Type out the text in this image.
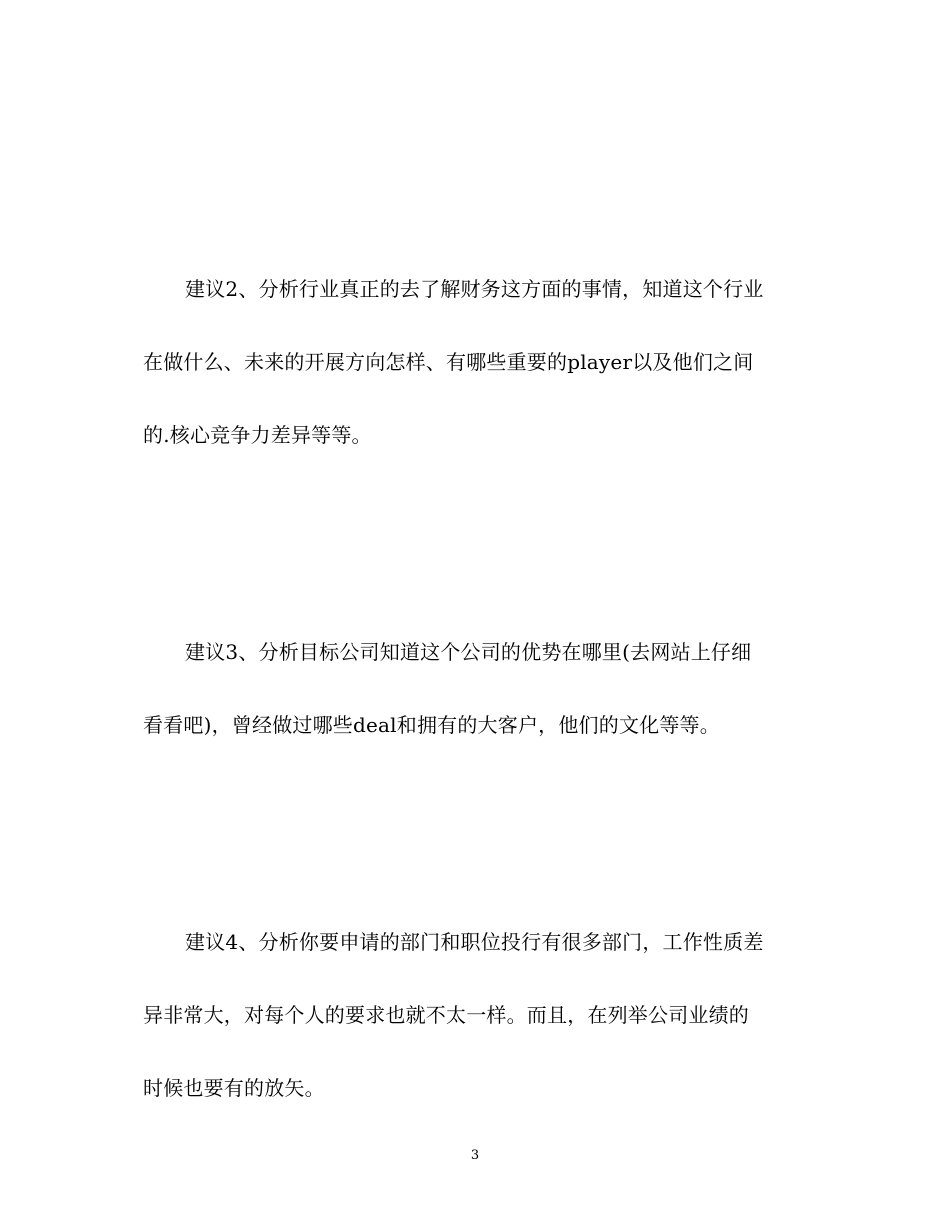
建议2、分析行业真正的去了解财务这方面的事情，知道这个行业
在做什么、未来的开展方向怎样、有哪些重要的player以及他们之间
的.核心竞争力差异等等。
建议3、分析目标公司知道这个公司的优势在哪里(去网站上仔细
看看吧)，曾经做过哪些deal和拥有的大客户，他们的文化等等。
建议4、分析你要申请的部门和职位投行有很多部门，工作性质差
异非常大，对每个人的要求也就不太一样。而且，在列举公司业绩的
时候也要有的放矢。
3
